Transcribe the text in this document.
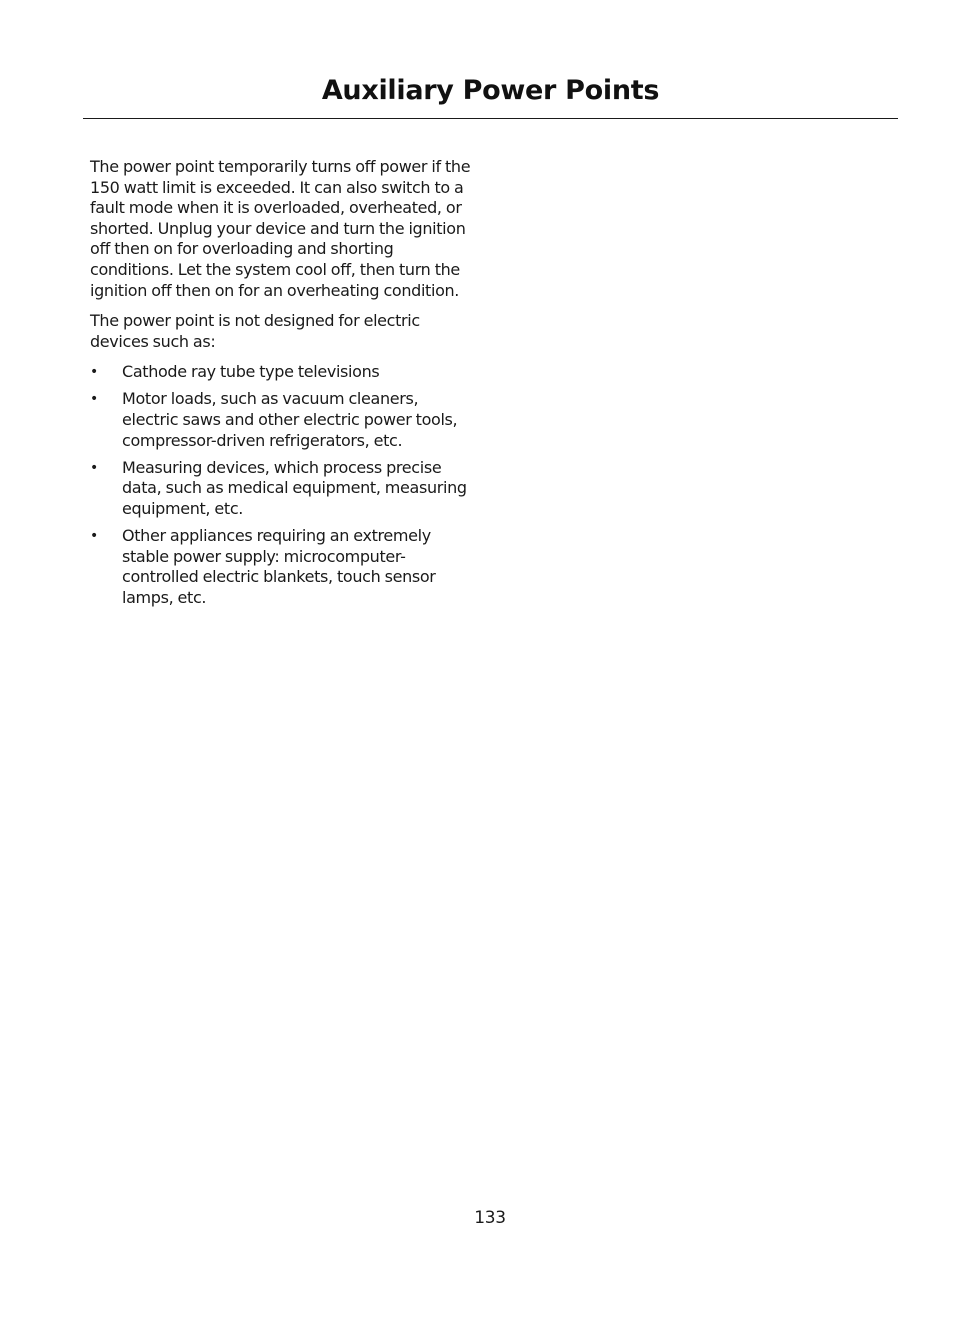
Auxiliary Power Points

The power point temporarily turns off power if the 150 watt limit is exceeded. It can also switch to a fault mode when it is overloaded, overheated, or shorted. Unplug your device and turn the ignition off then on for overloading and shorting conditions. Let the system cool off, then turn the ignition off then on for an overheating condition.

The power point is not designed for electric devices such as:

• Cathode ray tube type televisions
• Motor loads, such as vacuum cleaners, electric saws and other electric power tools, compressor-driven refrigerators, etc.
• Measuring devices, which process precise data, such as medical equipment, measuring equipment, etc.
• Other appliances requiring an extremely stable power supply: microcomputer-controlled electric blankets, touch sensor lamps, etc.
133
